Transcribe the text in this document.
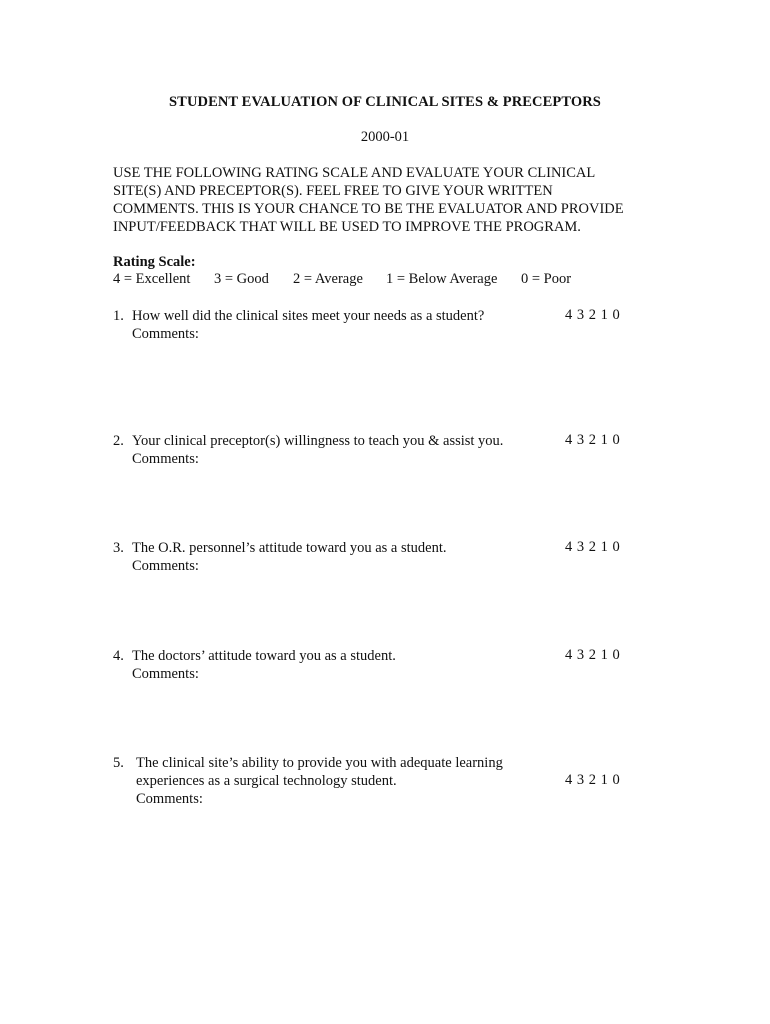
STUDENT EVALUATION OF CLINICAL SITES & PRECEPTORS
2000-01
USE THE FOLLOWING RATING SCALE AND EVALUATE YOUR CLINICAL
SITE(S) AND PRECEPTOR(S). FEEL FREE TO GIVE YOUR WRITTEN
COMMENTS. THIS IS YOUR CHANCE TO BE THE EVALUATOR AND PROVIDE
INPUT/FEEDBACK THAT WILL BE USED TO IMPROVE THE PROGRAM.
Rating Scale:
4 = Excellent 3 = Good 2 = Average 1 = Below Average 0 = Poor
1. How well did the clinical sites meet your needs as a student?
Comments:
4 3 2 1 0
2. Your clinical preceptor(s) willingness to teach you & assist you.
Comments:
4 3 2 1 0
3. The O.R. personnel’s attitude toward you as a student.
Comments:
4 3 2 1 0
4. The doctors’ attitude toward you as a student.
Comments:
4 3 2 1 0
5. The clinical site’s ability to provide you with adequate learning
experiences as a surgical technology student.
Comments:
4 3 2 1 0
